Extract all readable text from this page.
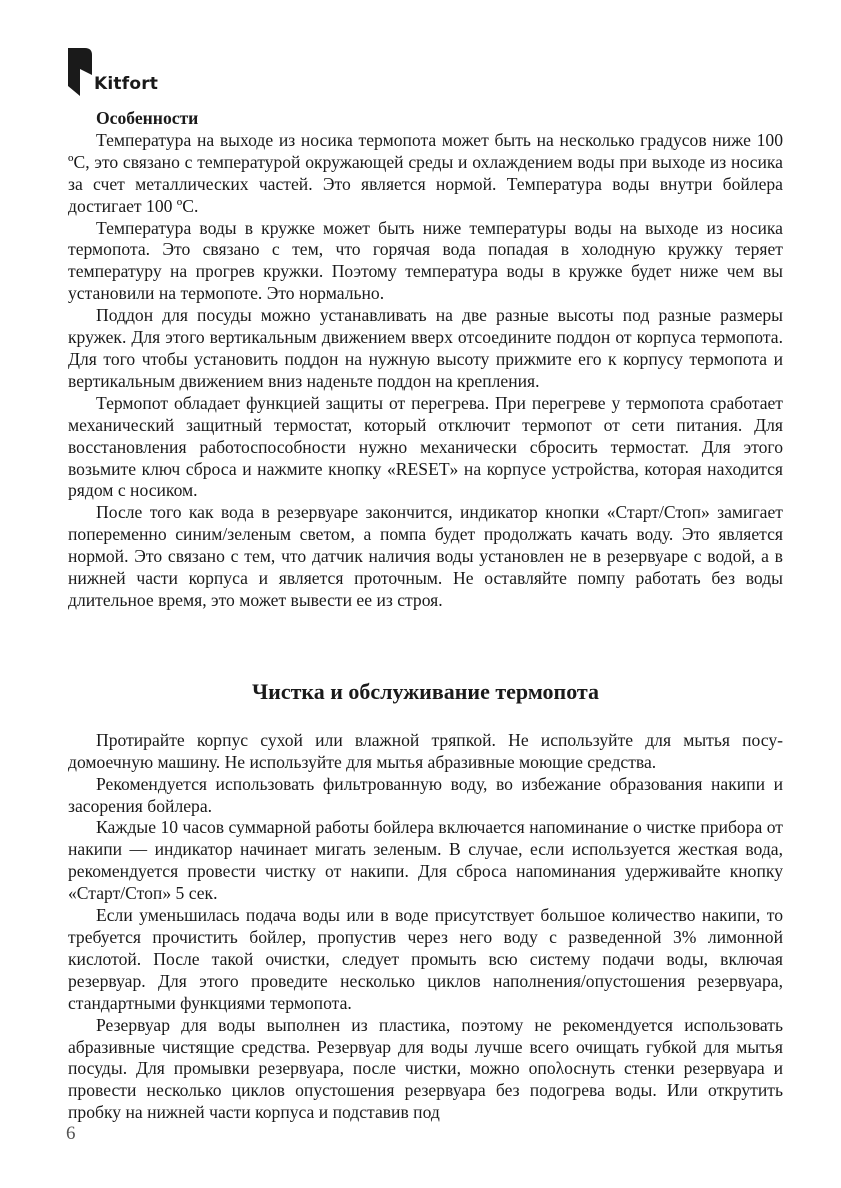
Kitfort
Особенности

Температура на выходе из носика термопота может быть на несколько градусов ниже 100 ºC, это связано с температурой окружающей среды и охлаждением воды при выходе из носика за счет металлических частей. Это является нормой. Температура воды внутри бойлера достигает 100 ºC.

Температура воды в кружке может быть ниже температуры воды на выходе из носика термопота. Это связано с тем, что горячая вода попадая в холодную кружку теряет температуру на прогрев кружки. Поэтому температура воды в кружке будет ниже чем вы установили на термопоте. Это нормально.

Поддон для посуды можно устанавливать на две разные высоты под разные размеры кружек. Для этого вертикальным движением вверх отсоедините поддон от корпуса термопота. Для того чтобы установить поддон на нужную высоту прижмите его к корпусу термопота и вертикальным движением вниз наденьте поддон на крепления.

Термопот обладает функцией защиты от перегрева. При перегреве у термопота сработает механический защитный термостат, который отключит термопот от сети питания. Для восстановления работоспособности нужно механически сбросить термостат. Для этого возьмите ключ сброса и нажмите кнопку «RESET» на корпусе устройства, которая находится рядом с носиком.

После того как вода в резервуаре закончится, индикатор кнопки «Старт/Стоп» замигает попеременно синим/зеленым светом, а помпа будет продолжать качать воду. Это является нормой. Это связано с тем, что датчик наличия воды установлен не в резервуаре с водой, а в нижней части корпуса и является проточным. Не оставляйте помпу работать без воды длительное время, это может вывести ее из строя.

Чистка и обслуживание термопота

Протирайте корпус сухой или влажной тряпкой. Не используйте для мытья посудомоечную машину. Не используйте для мытья абразивные моющие средства.

Рекомендуется использовать фильтрованную воду, во избежание образования накипи и засорения бойлера.

Каждые 10 часов суммарной работы бойлера включается напоминание о чистке прибора от накипи — индикатор начинает мигать зеленым. В случае, если используется жесткая вода, рекомендуется провести чистку от накипи. Для сброса напоминания удерживайте кнопку «Старт/Стоп» 5 сек.

Если уменьшилась подача воды или в воде присутствует большое количество накипи, то требуется прочистить бойлер, пропустив через него воду с разведенной 3% лимонной кислотой. После такой очистки, следует промыть всю систему подачи воды, включая резервуар. Для этого проведите несколько циклов наполнения/опустошения резервуара, стандартными функциями термопота.

Резервуар для воды выполнен из пластика, поэтому не рекомендуется использовать абразивные чистящие средства. Резервуар для воды лучше всего очищать губкой для мытья посуды. Для промывки резервуара, после чистки, можно опολоснуть стенки резервуара и провести несколько циклов опустошения резервуара без подогрева воды. Или открутить пробку на нижней части корпуса и подставив под

6
